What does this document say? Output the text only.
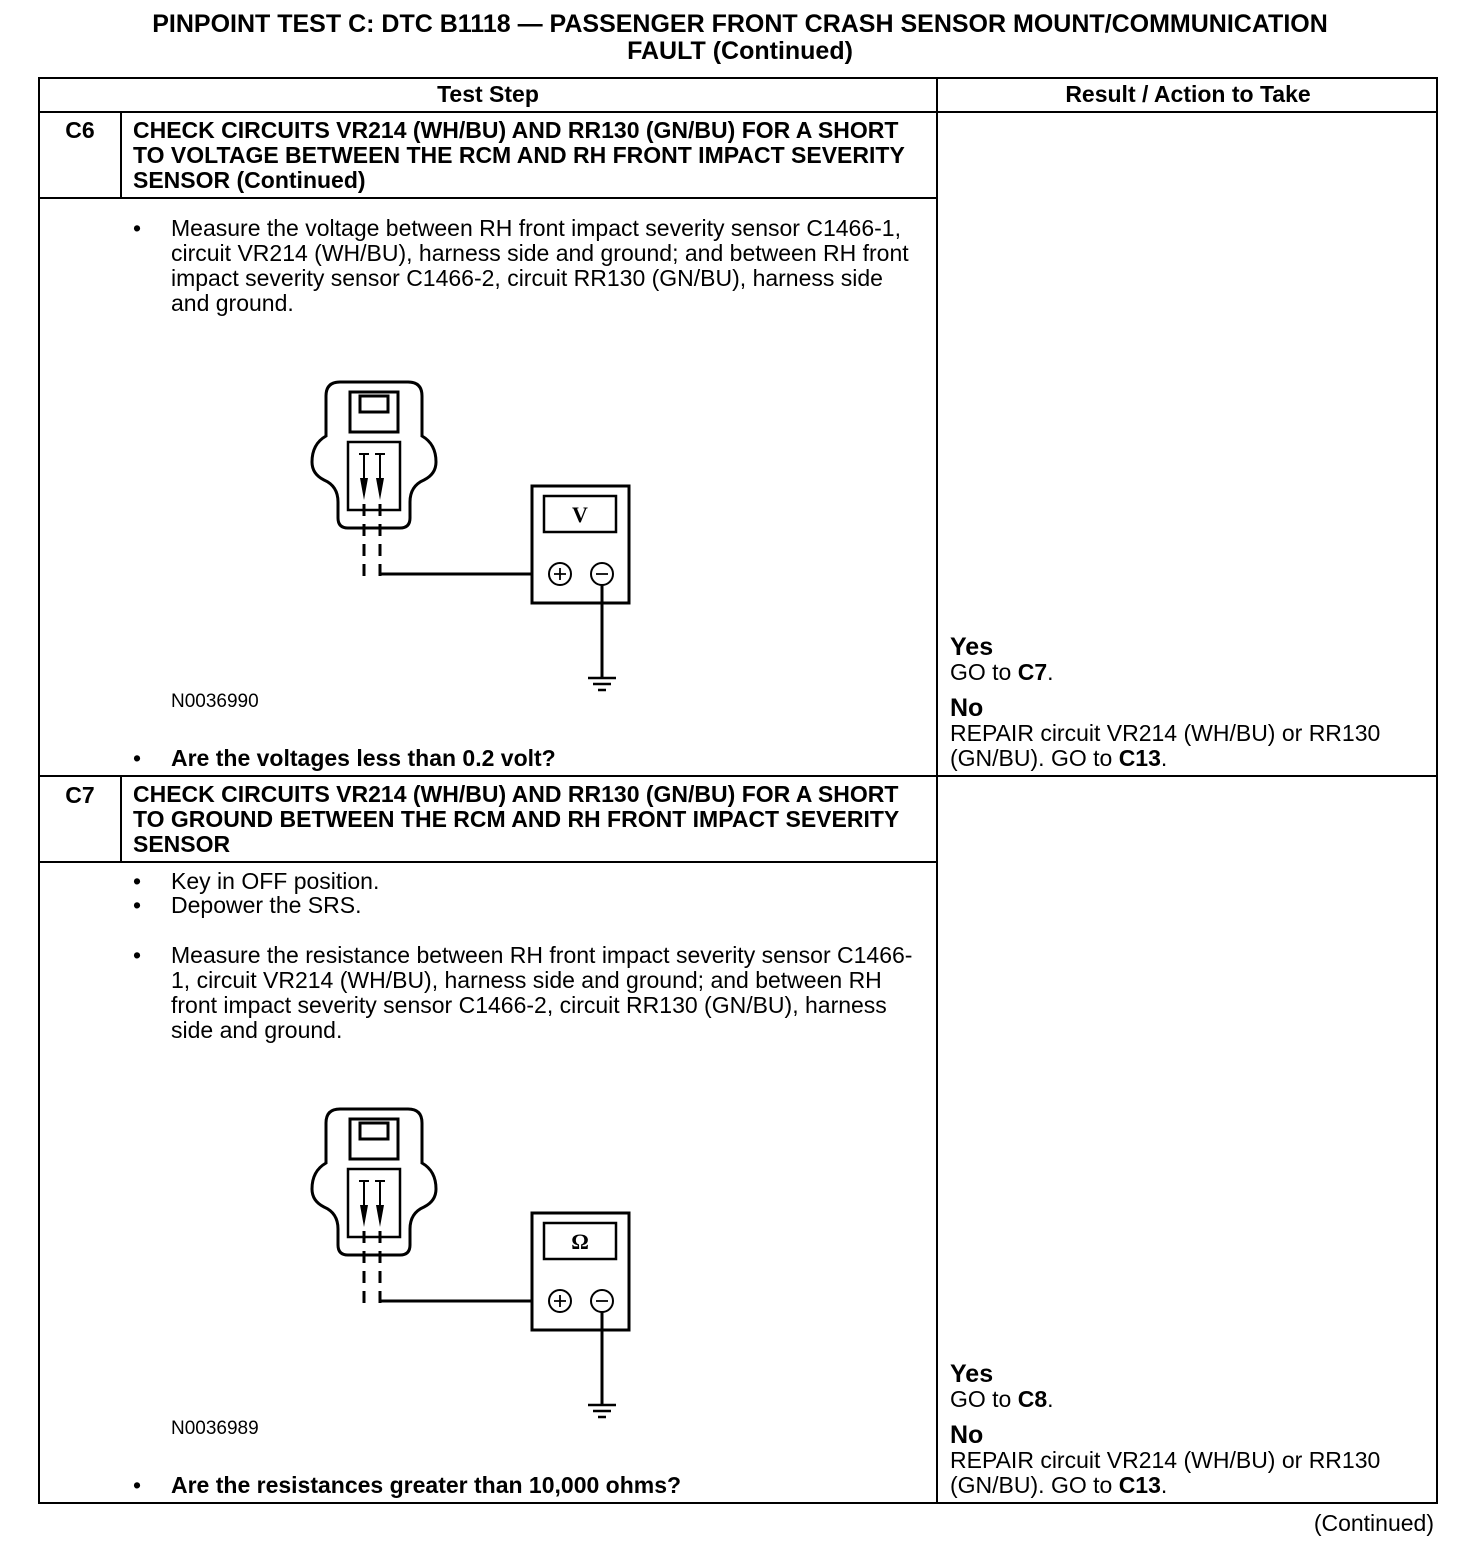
PINPOINT TEST C: DTC B1118 — PASSENGER FRONT CRASH SENSOR MOUNT/COMMUNICATION
FAULT (Continued)
Test Step	Result / Action to Take
C6	CHECK CIRCUITS VR214 (WH/BU) AND RR130 (GN/BU) FOR A SHORT TO VOLTAGE BETWEEN THE RCM AND RH FRONT IMPACT SEVERITY SENSOR (Continued)
•	Measure the voltage between RH front impact severity sensor C1466-1, circuit VR214 (WH/BU), harness side and ground; and between RH front impact severity sensor C1466-2, circuit RR130 (GN/BU), harness side and ground.
V
N0036990
•	Are the voltages less than 0.2 volt?
Yes
GO to C7.
No
REPAIR circuit VR214 (WH/BU) or RR130 (GN/BU). GO to C13.
C7	CHECK CIRCUITS VR214 (WH/BU) AND RR130 (GN/BU) FOR A SHORT TO GROUND BETWEEN THE RCM AND RH FRONT IMPACT SEVERITY SENSOR
•	Key in OFF position.
•	Depower the SRS.
•	Measure the resistance between RH front impact severity sensor C1466-1, circuit VR214 (WH/BU), harness side and ground; and between RH front impact severity sensor C1466-2, circuit RR130 (GN/BU), harness side and ground.
Ω
N0036989
•	Are the resistances greater than 10,000 ohms?
Yes
GO to C8.
No
REPAIR circuit VR214 (WH/BU) or RR130 (GN/BU). GO to C13.
(Continued)
